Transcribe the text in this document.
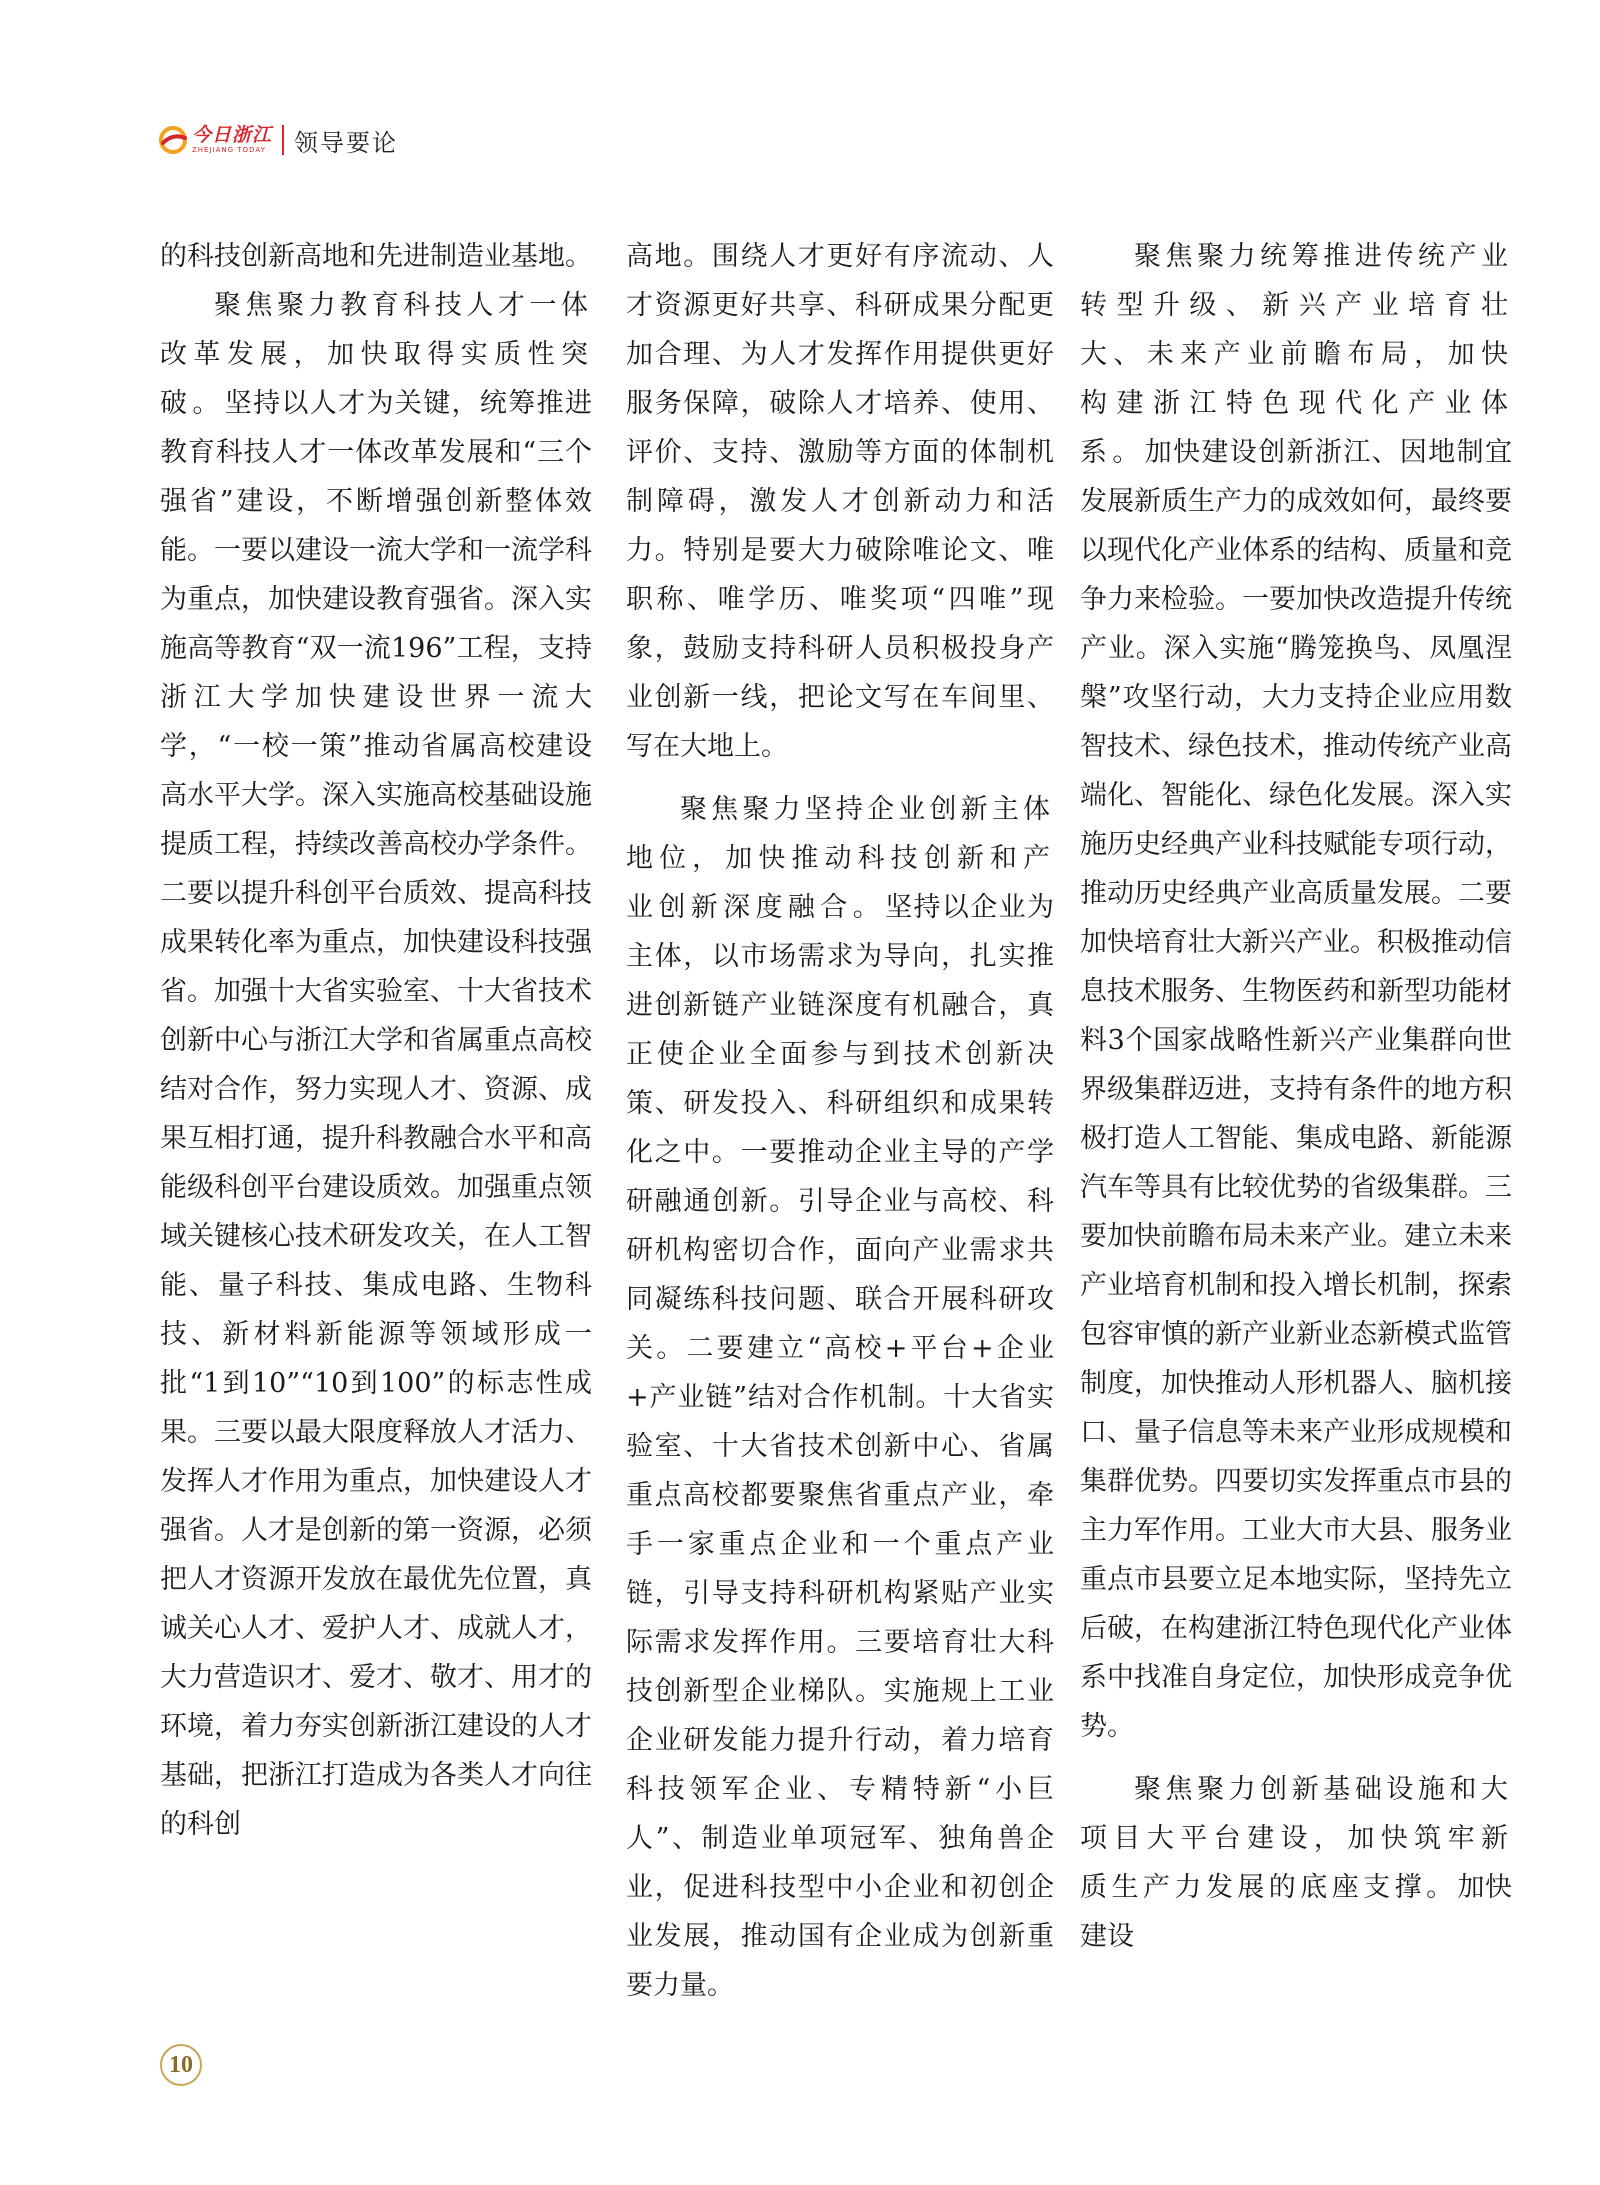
今日浙江
ZHEJIANG TODAY 领导要论

的科技创新高地和先进制造业基地。

聚焦聚力教育科技人才一体改革发展，加快取得实质性突破。坚持以人才为关键，统筹推进教育科技人才一体改革发展和“三个强省”建设，不断增强创新整体效能。一要以建设一流大学和一流学科为重点，加快建设教育强省。深入实施高等教育“双一流196”工程，支持浙江大学加快建设世界一流大学，“一校一策”推动省属高校建设高水平大学。深入实施高校基础设施提质工程，持续改善高校办学条件。二要以提升科创平台质效、提高科技成果转化率为重点，加快建设科技强省。加强十大省实验室、十大省技术创新中心与浙江大学和省属重点高校结对合作，努力实现人才、资源、成果互相打通，提升科教融合水平和高能级科创平台建设质效。加强重点领域关键核心技术研发攻关，在人工智能、量子科技、集成电路、生物科技、新材料新能源等领域形成一批“1到10”“10到100”的标志性成果。三要以最大限度释放人才活力、发挥人才作用为重点，加快建设人才强省。人才是创新的第一资源，必须把人才资源开发放在最优先位置，真诚关心人才、爱护人才、成就人才，大力营造识才、爱才、敬才、用才的环境，着力夯实创新浙江建设的人才基础，把浙江打造成为各类人才向往的科创

高地。围绕人才更好有序流动、人才资源更好共享、科研成果分配更加合理、为人才发挥作用提供更好服务保障，破除人才培养、使用、评价、支持、激励等方面的体制机制障碍，激发人才创新动力和活力。特别是要大力破除唯论文、唯职称、唯学历、唯奖项“四唯”现象，鼓励支持科研人员积极投身产业创新一线，把论文写在车间里、写在大地上。

聚焦聚力坚持企业创新主体地位，加快推动科技创新和产业创新深度融合。坚持以企业为主体，以市场需求为导向，扎实推进创新链产业链深度有机融合，真正使企业全面参与到技术创新决策、研发投入、科研组织和成果转化之中。一要推动企业主导的产学研融通创新。引导企业与高校、科研机构密切合作，面向产业需求共同凝练科技问题、联合开展科研攻关。二要建立“高校+平台+企业+产业链”结对合作机制。十大省实验室、十大省技术创新中心、省属重点高校都要聚焦省重点产业，牵手一家重点企业和一个重点产业链，引导支持科研机构紧贴产业实际需求发挥作用。三要培育壮大科技创新型企业梯队。实施规上工业企业研发能力提升行动，着力培育科技领军企业、专精特新“小巨人”、制造业单项冠军、独角兽企业，促进科技型中小企业和初创企业发展，推动国有企业成为创新重要力量。

聚焦聚力统筹推进传统产业转型升级、新兴产业培育壮大、未来产业前瞻布局，加快构建浙江特色现代化产业体系。加快建设创新浙江、因地制宜发展新质生产力的成效如何，最终要以现代化产业体系的结构、质量和竞争力来检验。一要加快改造提升传统产业。深入实施“腾笼换鸟、凤凰涅槃”攻坚行动，大力支持企业应用数智技术、绿色技术，推动传统产业高端化、智能化、绿色化发展。深入实施历史经典产业科技赋能专项行动，推动历史经典产业高质量发展。二要加快培育壮大新兴产业。积极推动信息技术服务、生物医药和新型功能材料3个国家战略性新兴产业集群向世界级集群迈进，支持有条件的地方积极打造人工智能、集成电路、新能源汽车等具有比较优势的省级集群。三要加快前瞻布局未来产业。建立未来产业培育机制和投入增长机制，探索包容审慎的新产业新业态新模式监管制度，加快推动人形机器人、脑机接口、量子信息等未来产业形成规模和集群优势。四要切实发挥重点市县的主力军作用。工业大市大县、服务业重点市县要立足本地实际，坚持先立后破，在构建浙江特色现代化产业体系中找准自身定位，加快形成竞争优势。

聚焦聚力创新基础设施和大项目大平台建设，加快筑牢新质生产力发展的底座支撑。加快建设

10
